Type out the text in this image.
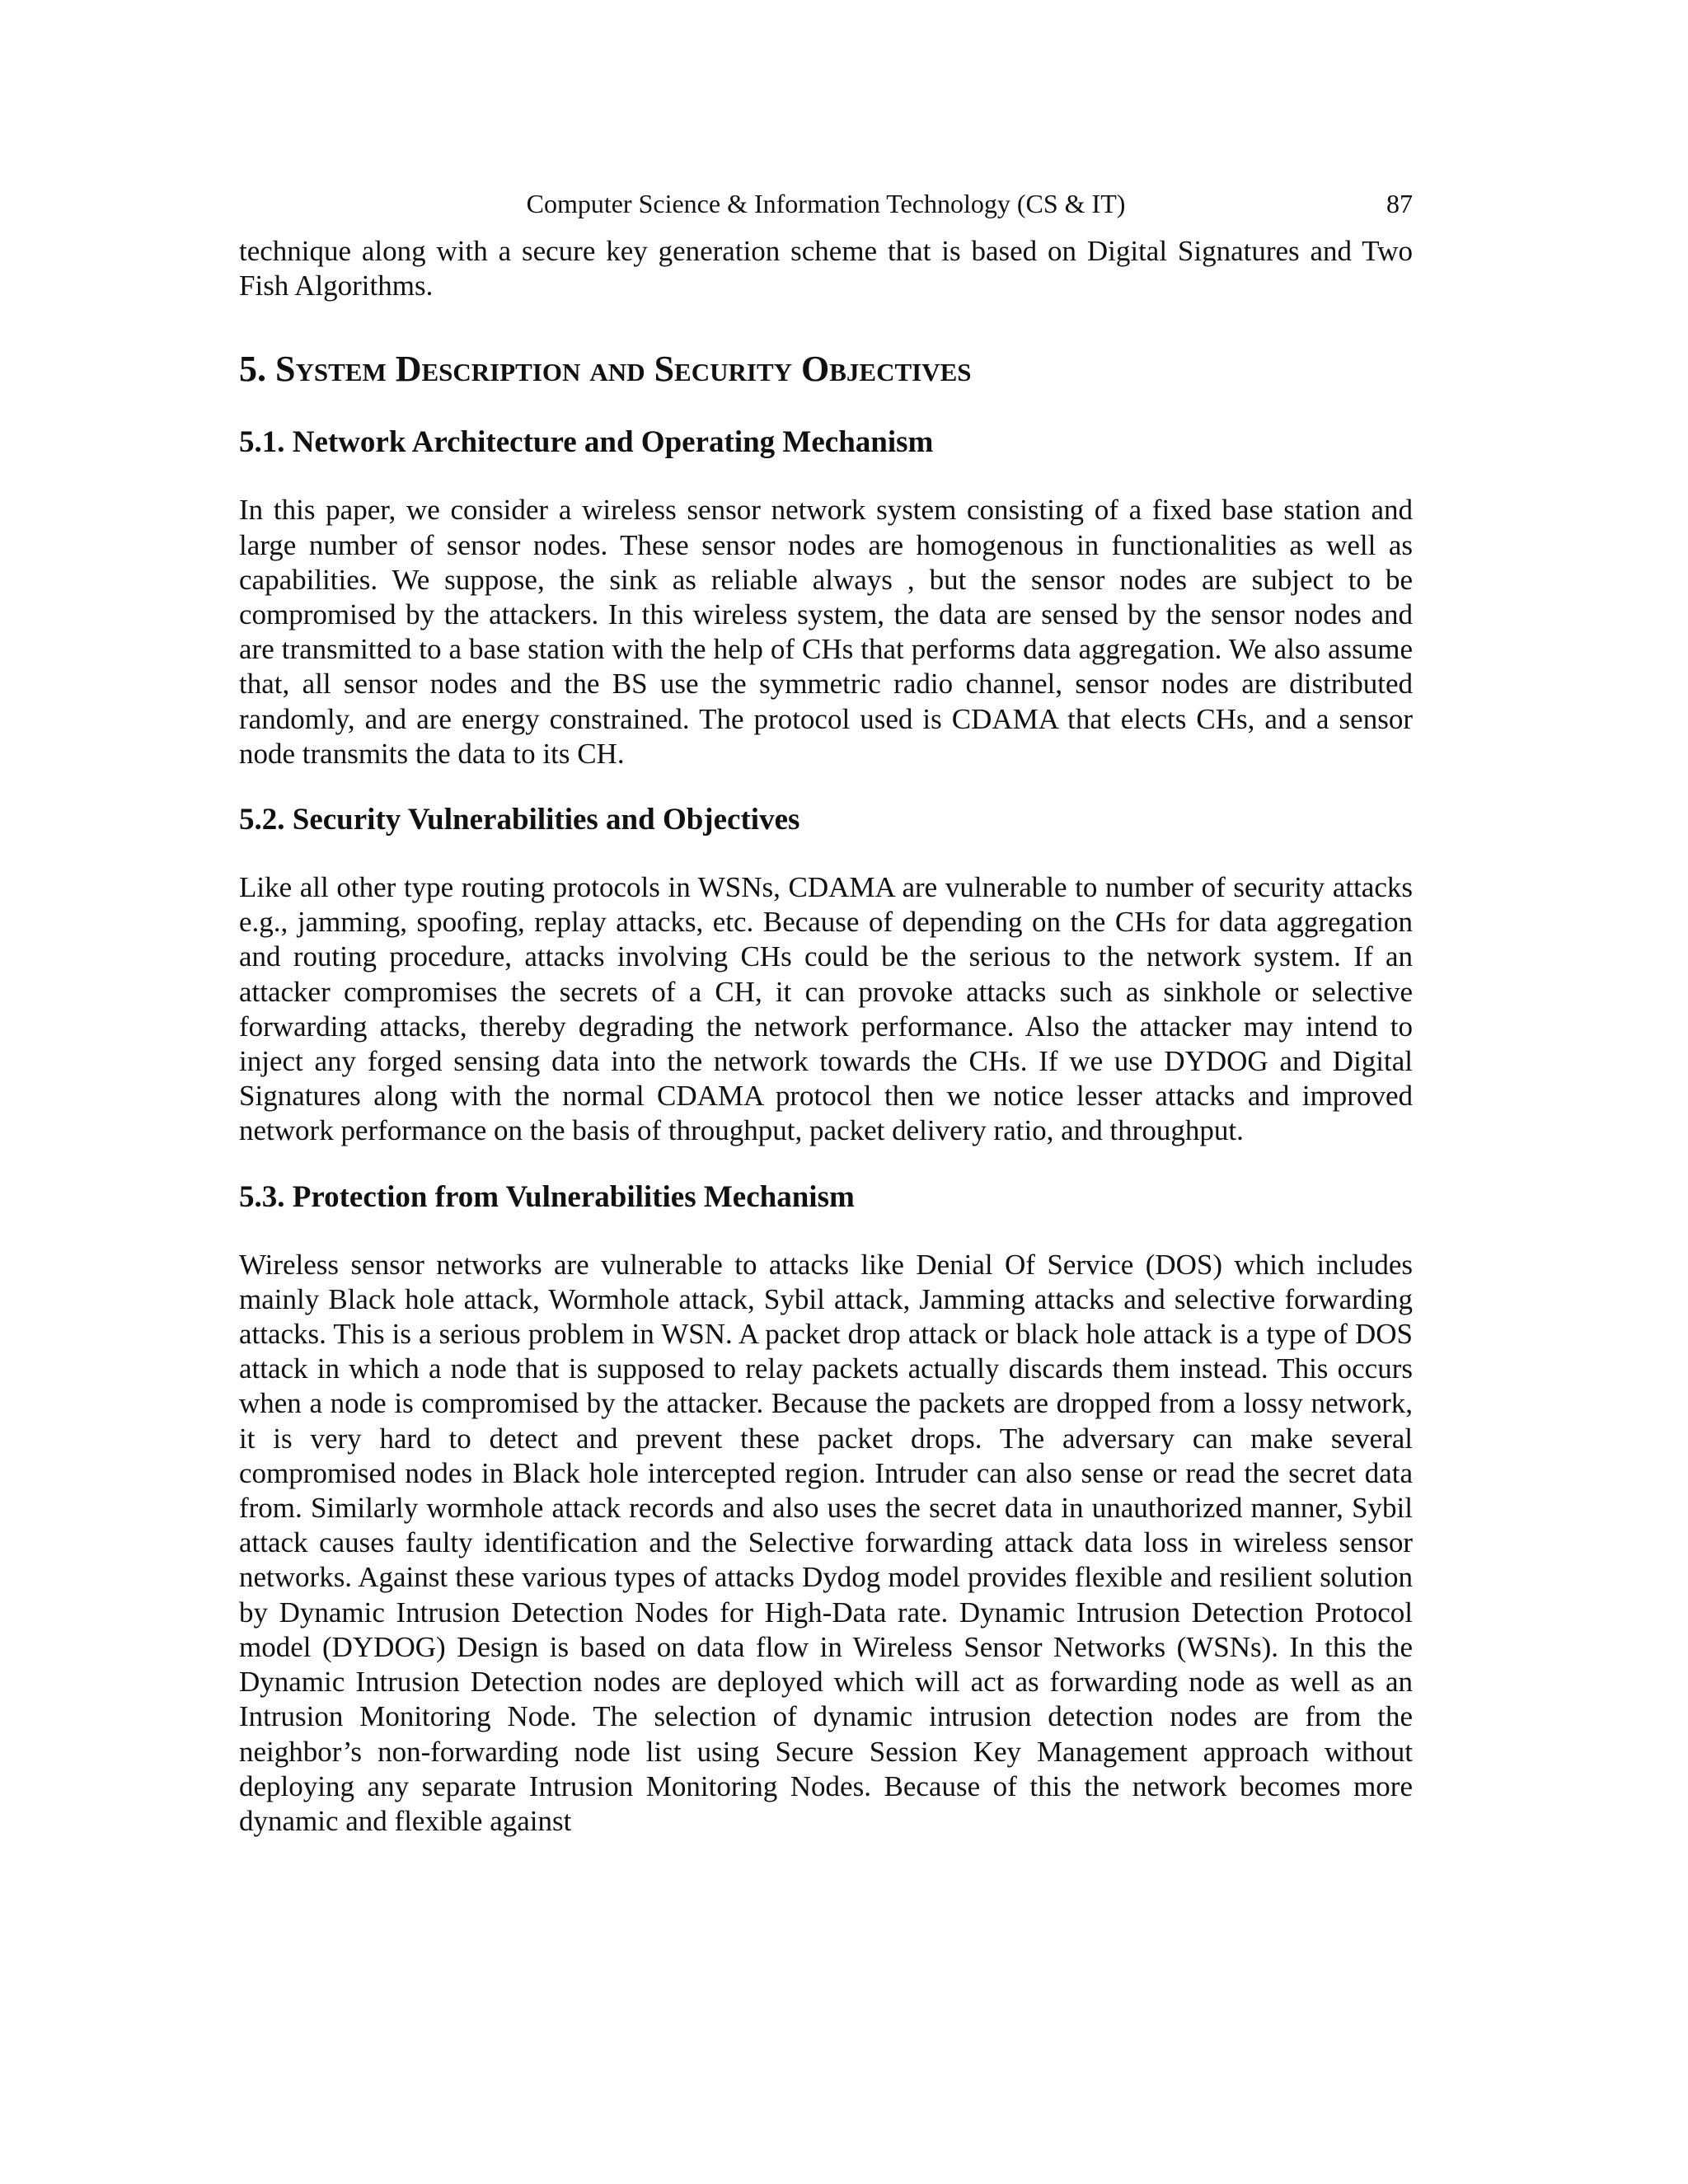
Computer Science & Information Technology (CS & IT)	87

technique along with a secure key generation scheme that is based on Digital Signatures and Two Fish Algorithms.

5. System Description and Security Objectives
5.1. Network Architecture and Operating Mechanism

In this paper, we consider a wireless sensor network system consisting of a fixed base station and large number of sensor nodes. These sensor nodes are homogenous in functionalities as well as capabilities. We suppose, the sink as reliable always , but the sensor nodes are subject to be compromised by the attackers. In this wireless system, the data are sensed by the sensor nodes and are transmitted to a base station with the help of CHs that performs data aggregation. We also assume that, all sensor nodes and the BS use the symmetric radio channel, sensor nodes are distributed randomly, and are energy constrained. The protocol used is CDAMA that elects CHs, and a sensor node transmits the data to its CH.

5.2. Security Vulnerabilities and Objectives

Like all other type routing protocols in WSNs, CDAMA are vulnerable to number of security attacks e.g., jamming, spoofing, replay attacks, etc. Because of depending on the CHs for data aggregation and routing procedure, attacks involving CHs could be the serious to the network system. If an attacker compromises the secrets of a CH, it can provoke attacks such as sinkhole or selective forwarding attacks, thereby degrading the network performance. Also the attacker may intend to inject any forged sensing data into the network towards the CHs. If we use DYDOG and Digital Signatures along with the normal CDAMA protocol then we notice lesser attacks and improved network performance on the basis of throughput, packet delivery ratio, and throughput.

5.3. Protection from Vulnerabilities Mechanism

Wireless sensor networks are vulnerable to attacks like Denial Of Service (DOS) which includes mainly Black hole attack, Wormhole attack, Sybil attack, Jamming attacks and selective forwarding attacks. This is a serious problem in WSN. A packet drop attack or black hole attack is a type of DOS attack in which a node that is supposed to relay packets actually discards them instead. This occurs when a node is compromised by the attacker. Because the packets are dropped from a lossy network, it is very hard to detect and prevent these packet drops. The adversary can make several compromised nodes in Black hole intercepted region. Intruder can also sense or read the secret data from. Similarly wormhole attack records and also uses the secret data in unauthorized manner, Sybil attack causes faulty identification and the Selective forwarding attack data loss in wireless sensor networks. Against these various types of attacks Dydog model provides flexible and resilient solution by Dynamic Intrusion Detection Nodes for High-Data rate. Dynamic Intrusion Detection Protocol model (DYDOG) Design is based on data flow in Wireless Sensor Networks (WSNs). In this the Dynamic Intrusion Detection nodes are deployed which will act as forwarding node as well as an Intrusion Monitoring Node. The selection of dynamic intrusion detection nodes are from the neighbor’s non-forwarding node list using Secure Session Key Management approach without deploying any separate Intrusion Monitoring Nodes. Because of this the network becomes more dynamic and flexible against
